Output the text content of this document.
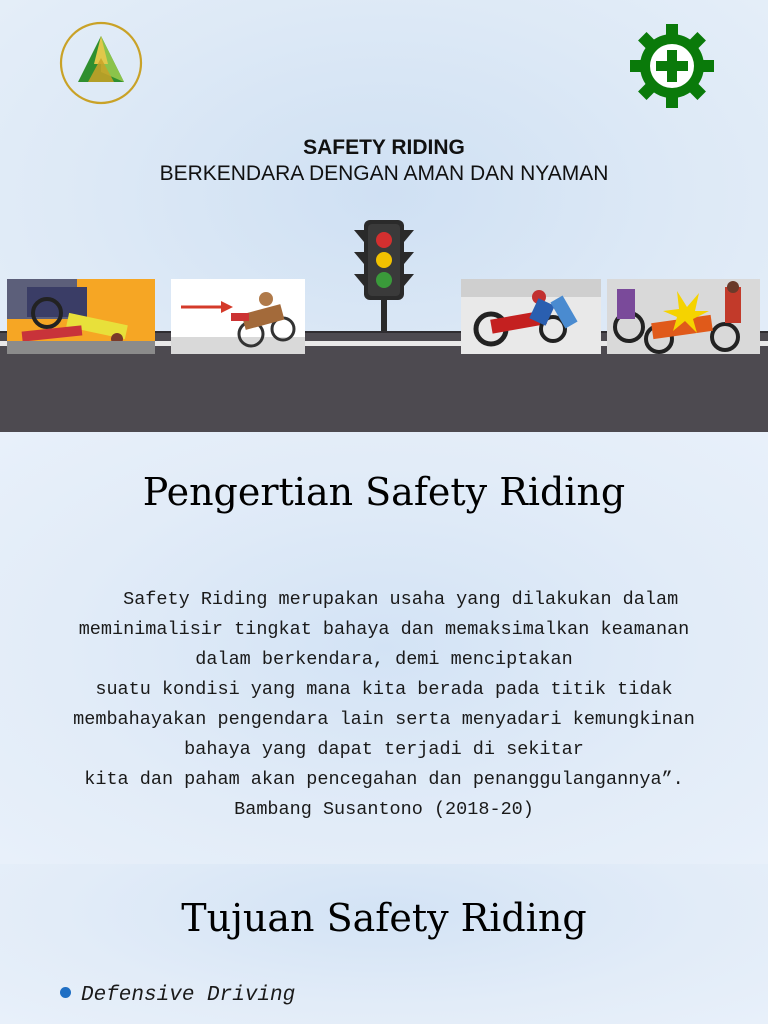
SAFETY RIDING
BERKENDARA DENGAN AMAN DAN NYAMAN
Pengertian Safety Riding
Safety Riding merupakan usaha yang dilakukan dalam
meminimalisir tingkat bahaya dan memaksimalkan keamanan
dalam berkendara, demi menciptakan
suatu kondisi yang mana kita berada pada titik tidak
membahayakan pengendara lain serta menyadari kemungkinan
bahaya yang dapat terjadi di sekitar
kita dan paham akan pencegahan dan penanggulangannya”.
Bambang Susantono (2018-20)
Tujuan Safety Riding
Defensive Driving
